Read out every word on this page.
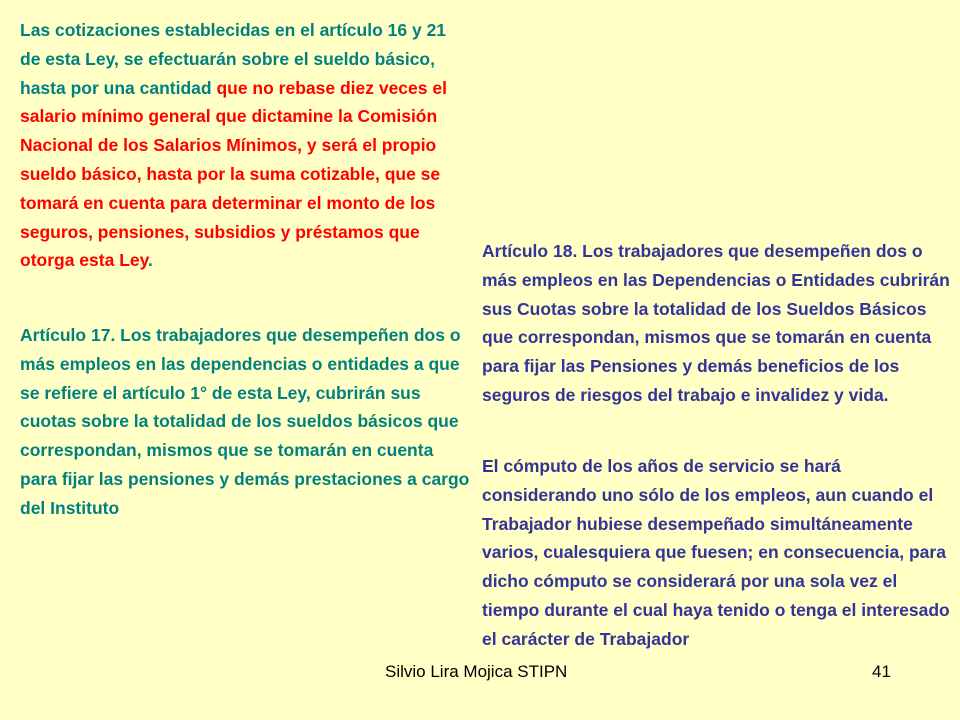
Las cotizaciones establecidas en el artículo 16 y 21 de esta Ley, se efectuarán sobre el sueldo básico, hasta por una cantidad que no rebase diez veces el salario mínimo general que dictamine la Comisión Nacional de los Salarios Mínimos, y será el propio sueldo básico, hasta por la suma cotizable, que se tomará en cuenta para determinar el monto de los seguros, pensiones, subsidios y préstamos que otorga esta Ley.

Artículo 17. Los trabajadores que desempeñen dos o más empleos en las dependencias o entidades a que se refiere el artículo 1° de esta Ley, cubrirán sus cuotas sobre la totalidad de los sueldos básicos que correspondan, mismos que se tomarán en cuenta para fijar las pensiones y demás prestaciones a cargo del Instituto

Artículo 18. Los trabajadores que desempeñen dos o más empleos en las Dependencias o Entidades cubrirán sus Cuotas sobre la totalidad de los Sueldos Básicos que correspondan, mismos que se tomarán en cuenta para fijar las Pensiones y demás beneficios de los seguros de riesgos del trabajo e invalidez y vida.

El cómputo de los años de servicio se hará considerando uno sólo de los empleos, aun cuando el Trabajador hubiese desempeñado simultáneamente varios, cualesquiera que fuesen; en consecuencia, para dicho cómputo se considerará por una sola vez el tiempo durante el cual haya tenido o tenga el interesado el carácter de Trabajador

Silvio Lira Mojica STIPN	41
